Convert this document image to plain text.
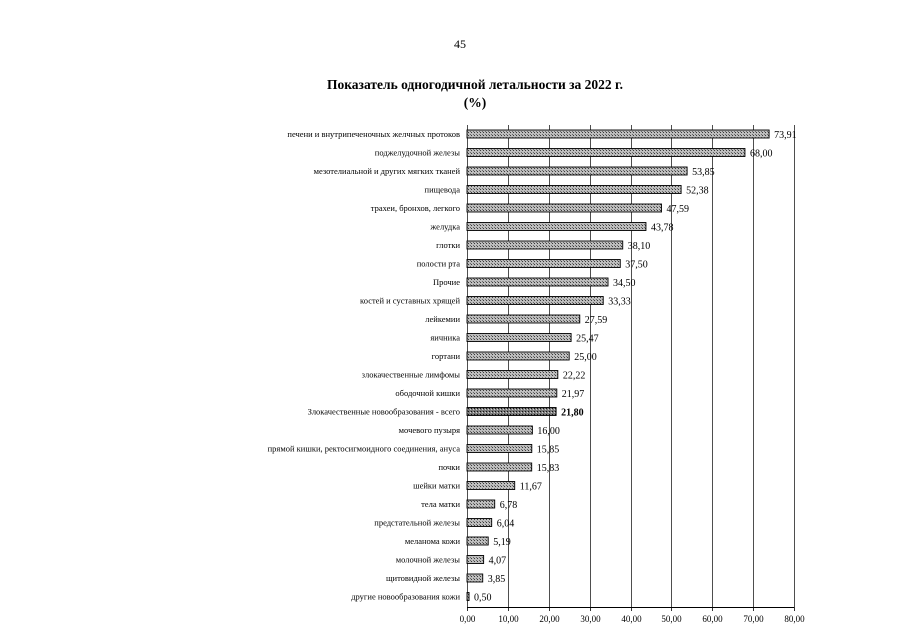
45
Показатель одногодичной летальности за 2022 г.
(%)
печени и внутрипеченочных желчных протоков	73,91
поджелудочной железы	68,00
мезотелиальной и других мягких тканей	53,85
пищевода	52,38
трахеи, бронхов, легкого	47,59
желудка	43,78
глотки	38,10
полости рта	37,50
Прочие	34,50
костей и суставных хрящей	33,33
лейкемии	27,59
яичника	25,47
гортани	25,00
злокачественные лимфомы	22,22
ободочной кишки	21,97
Злокачественные новообразования - всего	21,80
мочевого пузыря	16,00
прямой кишки, ректосигмоидного соединения, ануса	15,85
почки	15,83
шейки матки	11,67
тела матки	6,78
предстательной железы	6,04
меланома кожи	5,19
молочной железы	4,07
щитовидной железы	3,85
другие новообразования кожи 0,50
0,00	10,00 20,00 30,00 40,00 50,00 60,00 70,00 80,00
